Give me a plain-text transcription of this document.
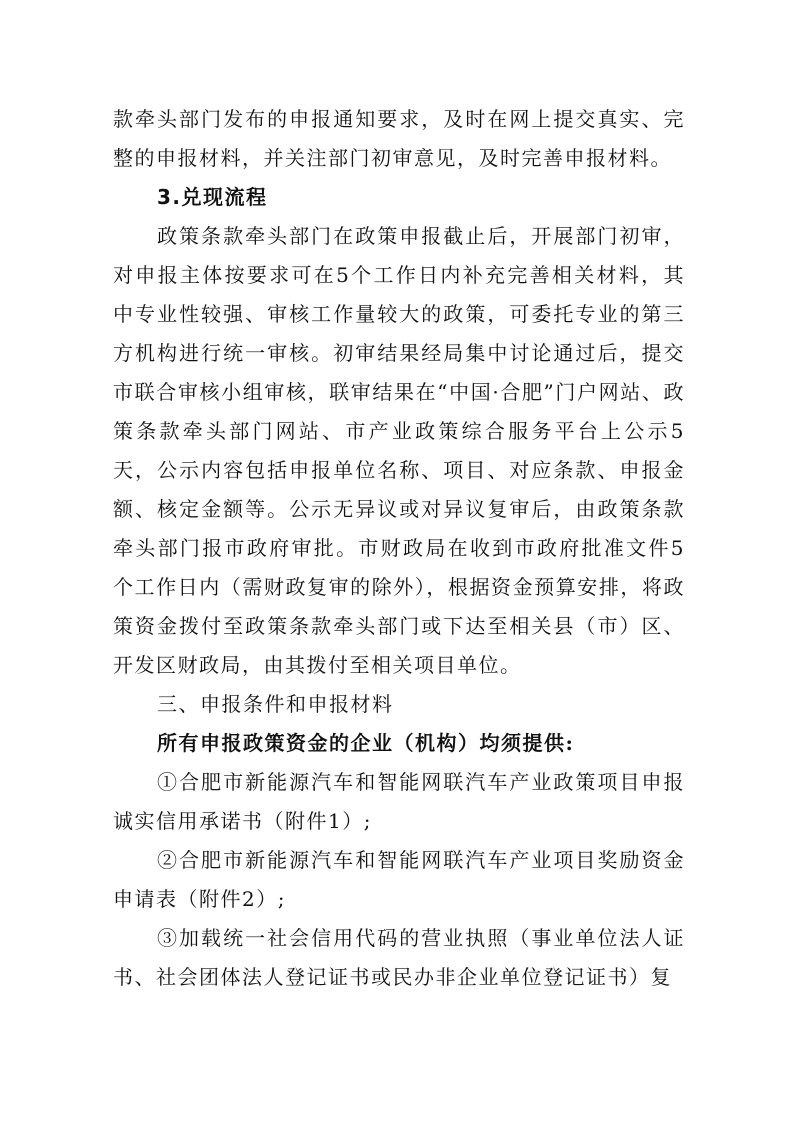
款牵头部门发布的申报通知要求，及时在网上提交真实、完整的申报材料，并关注部门初审意见，及时完善申报材料。

3.兑现流程

政策条款牵头部门在政策申报截止后，开展部门初审，对申报主体按要求可在5个工作日内补充完善相关材料，其中专业性较强、审核工作量较大的政策，可委托专业的第三方机构进行统一审核。初审结果经局集中讨论通过后，提交市联合审核小组审核，联审结果在“中国·合肥”门户网站、政策条款牵头部门网站、市产业政策综合服务平台上公示5天，公示内容包括申报单位名称、项目、对应条款、申报金额、核定金额等。公示无异议或对异议复审后，由政策条款牵头部门报市政府审批。市财政局在收到市政府批准文件5个工作日内（需财政复审的除外），根据资金预算安排，将政策资金拨付至政策条款牵头部门或下达至相关县（市）区、开发区财政局，由其拨付至相关项目单位。

三、申报条件和申报材料

所有申报政策资金的企业（机构）均须提供:

①合肥市新能源汽车和智能网联汽车产业政策项目申报诚实信用承诺书（附件1）;

②合肥市新能源汽车和智能网联汽车产业项目奖励资金申请表（附件2）;

③加载统一社会信用代码的营业执照（事业单位法人证书、社会团体法人登记证书或民办非企业单位登记证书）复
